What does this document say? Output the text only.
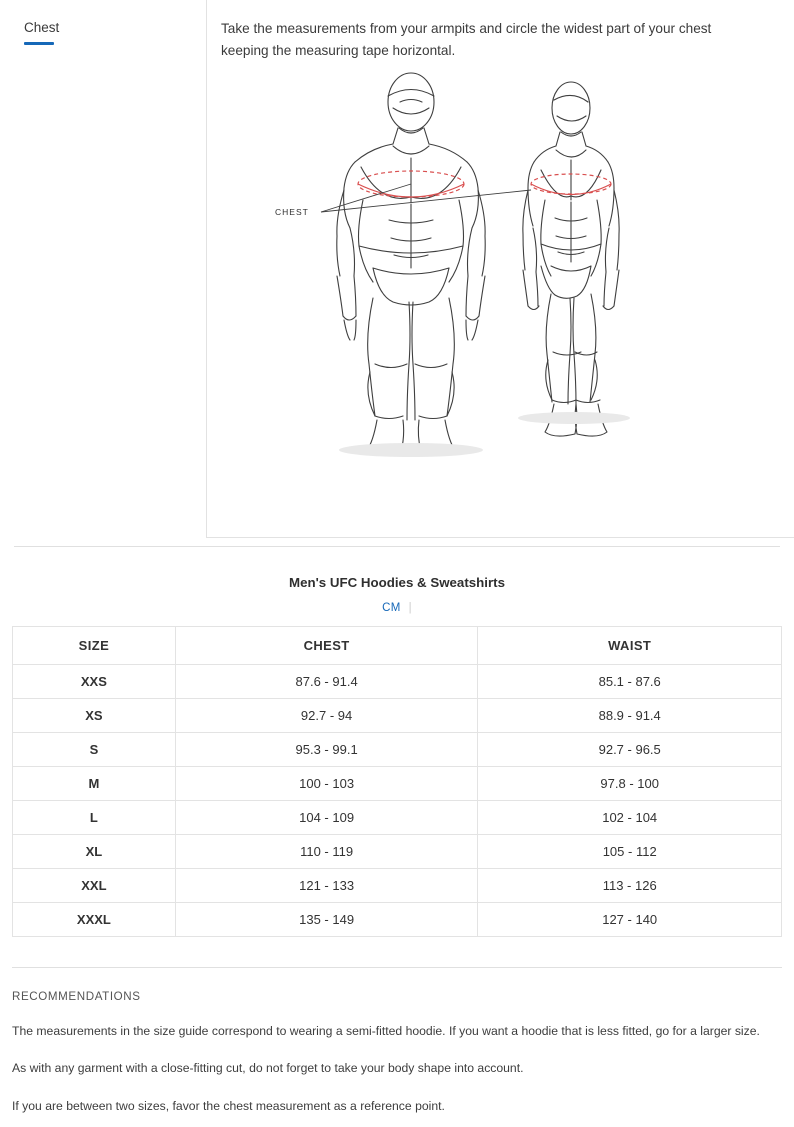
Chest	Take the measurements from your armpits and circle the widest part of your chest keeping the measuring tape horizontal.
CHEST
Men's UFC Hoodies & Sweatshirts
CM |
SIZE	CHEST	WAIST
XXS	87.6 - 91.4	85.1 - 87.6
XS	92.7 - 94	88.9 - 91.4
S	95.3 - 99.1	92.7 - 96.5
M	100 - 103	97.8 - 100
L	104 - 109	102 - 104
XL	110 - 119	105 - 112
XXL	121 - 133	113 - 126
XXXL	135 - 149	127 - 140
RECOMMENDATIONS

The measurements in the size guide correspond to wearing a semi-fitted hoodie. If you want a hoodie that is less fitted, go for a larger size.

As with any garment with a close-fitting cut, do not forget to take your body shape into account.

If you are between two sizes, favor the chest measurement as a reference point.
